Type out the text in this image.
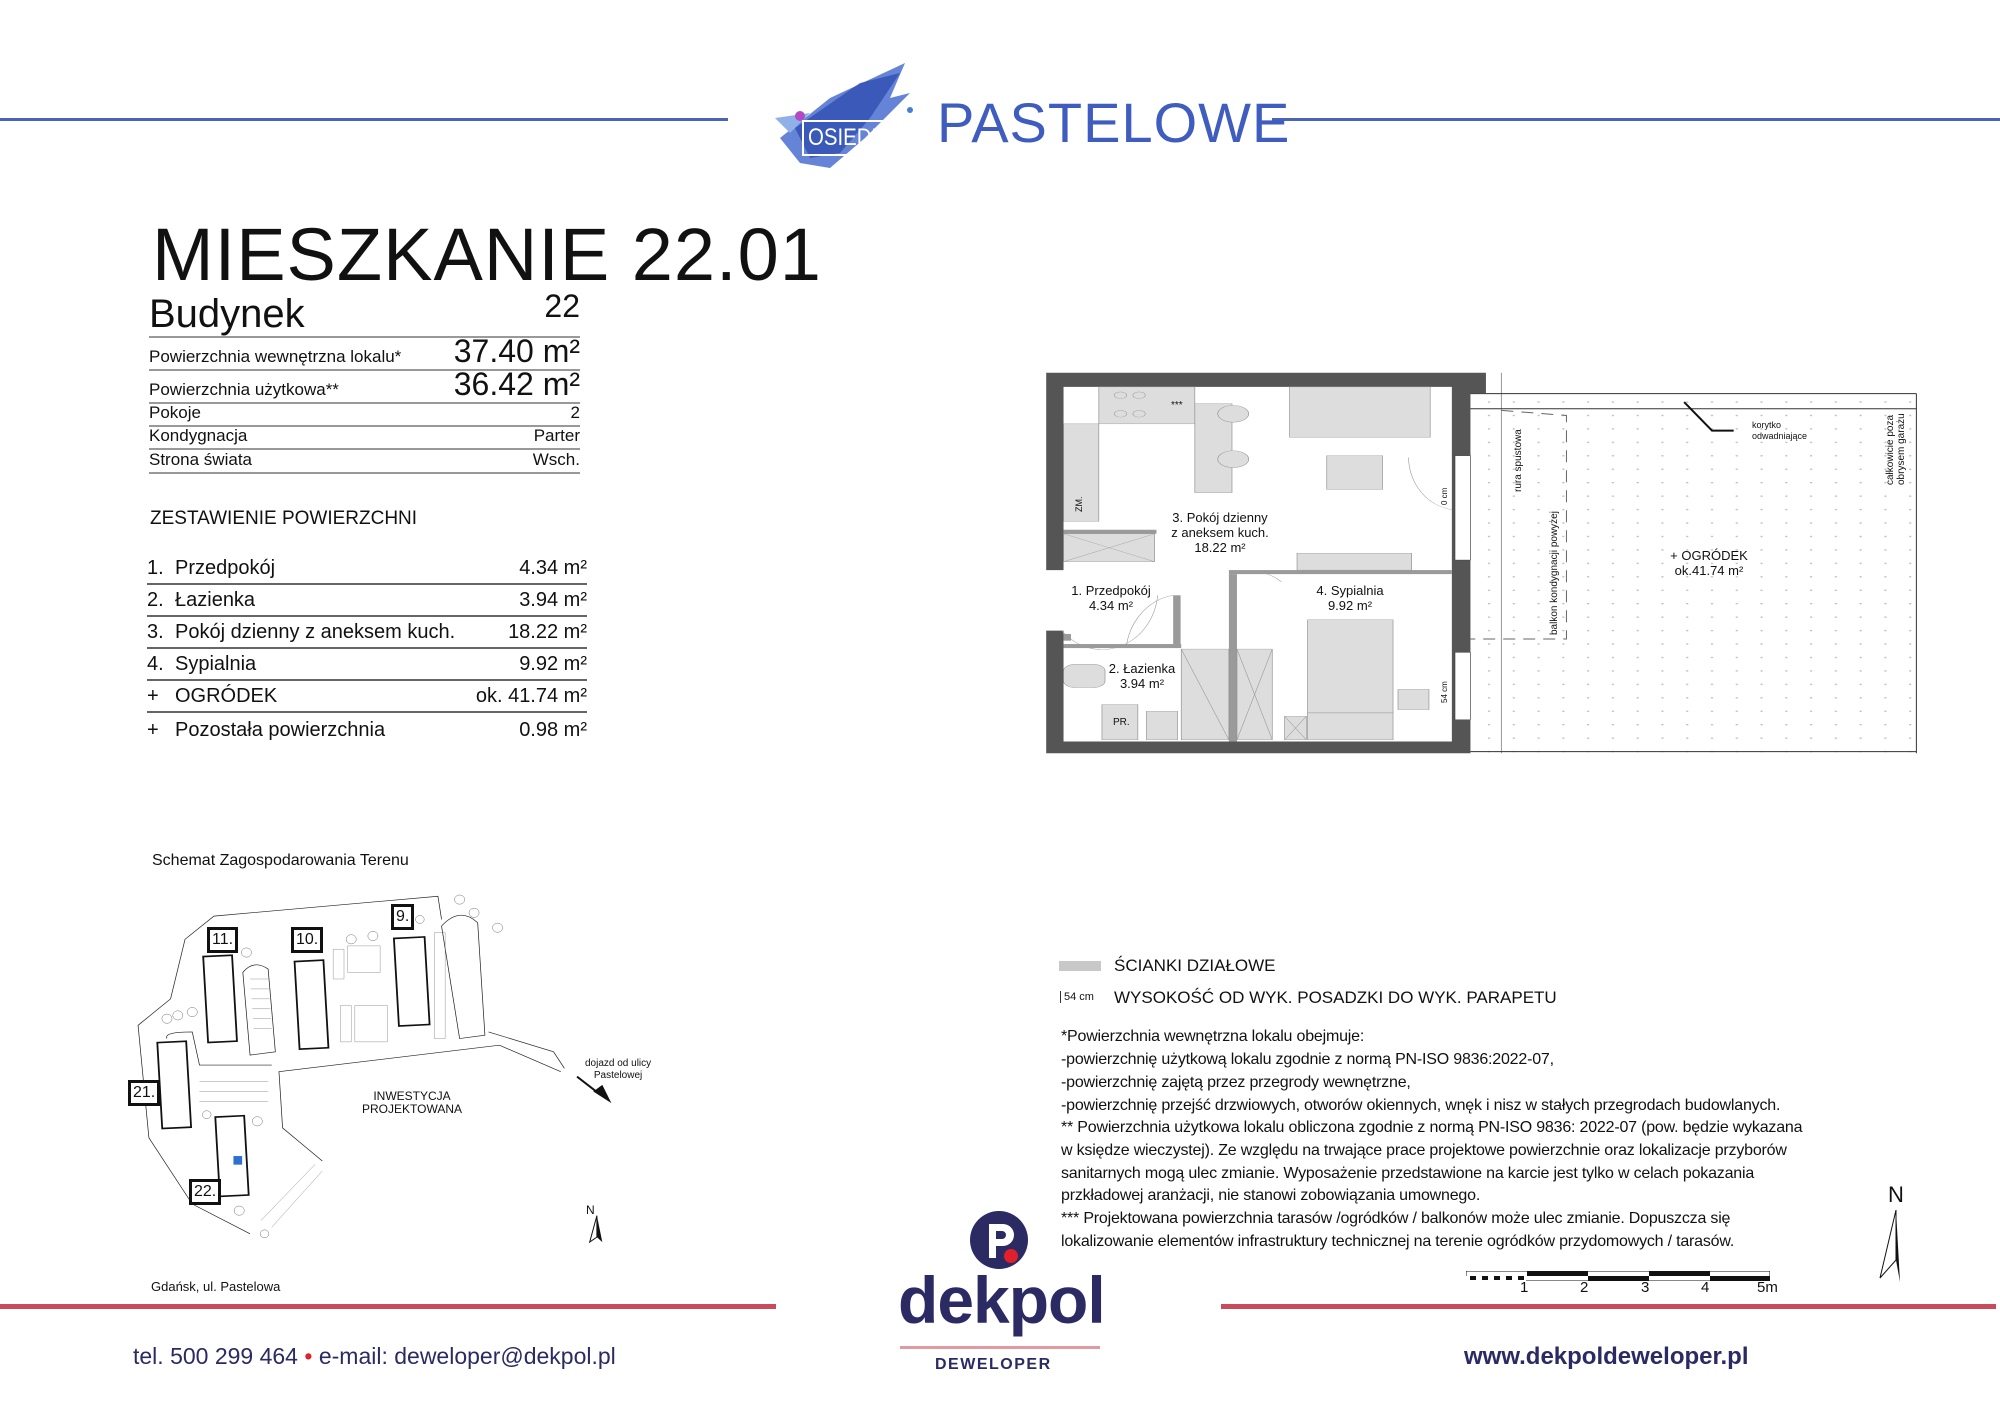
OSIEDLE PASTELOWE
MIESZKANIE 22.01
Budynek	22
Powierzchnia wewnętrzna lokalu* 37.40 m²
Powierzchnia użytkowa**	36.42 m²
Pokoje	2
Kondygnacja	Parter
Strona świata	Wsch.
ZESTAWIENIE POWIERZCHNI
1. Przedpokój	4.34 m²
2. Łazienka	3.94 m²
3. Pokój dzienny z aneksem kuch.	18.22 m²
4. Sypialnia	9.92 m²
+ OGRÓDEK	ok. 41.74 m²
+ Pozostała powierzchnia	0.98 m²
3. Pokój dzienny
z aneksem kuch.
18.22 m²
1. Przedpokój
4.34 m²
4. Sypialnia
9.92 m²
2. Łazienka
3.94 m²
+ OGRÓDEK
ok.41.74 m²
korytko
odwadniające
rura spustowa
balkon kondygnacji powyżej
całkowicie poza obrysem garażu
0 cm
54 cm
ZM.
PR.
***
Schemat Zagospodarowania Terenu
11.	10.
9.
21.
22.
dojazd od ulicy
Pastelowej
INWESTYCJA
PROJEKTOWANA
N
Gdańsk, ul. Pastelowa
ŚCIANKI DZIAŁOWE
54 cm WYSOKOŚĆ OD WYK. POSADZKI DO WYK. PARAPETU
*Powierzchnia wewnętrzna lokalu obejmuje:
-powierzchnię użytkową lokalu zgodnie z normą PN-ISO 9836:2022-07,
-powierzchnię zajętą przez przegrody wewnętrzne,
-powierzchnię przejść drzwiowych, otworów okiennych, wnęk i nisz w stałych przegrodach budowlanych.
** Powierzchnia użytkowa lokalu obliczona zgodnie z normą PN-ISO 9836: 2022-07 (pow. będzie wykazana
w księdze wieczystej). Ze względu na trwające prace projektowe powierzchnie oraz lokalizacje przyborów
sanitarnych mogą ulec zmianie. Wyposażenie przedstawione na karcie jest tylko w celach pokazania
przkładowej aranżacji, nie stanowi zobowiązania umownego.
*** Projektowana powierzchnia tarasów /ogródków / balkonów może ulec zmianie. Dopuszcza się
lokalizowanie elementów infrastruktury technicznej na terenie ogródków przydomowych / tarasów.
1	2	3	4	5m
N
dekpol
DEWELOPER
tel. 500 299 464 • e-mail: deweloper@dekpol.pl	www.dekpoldeweloper.pl
